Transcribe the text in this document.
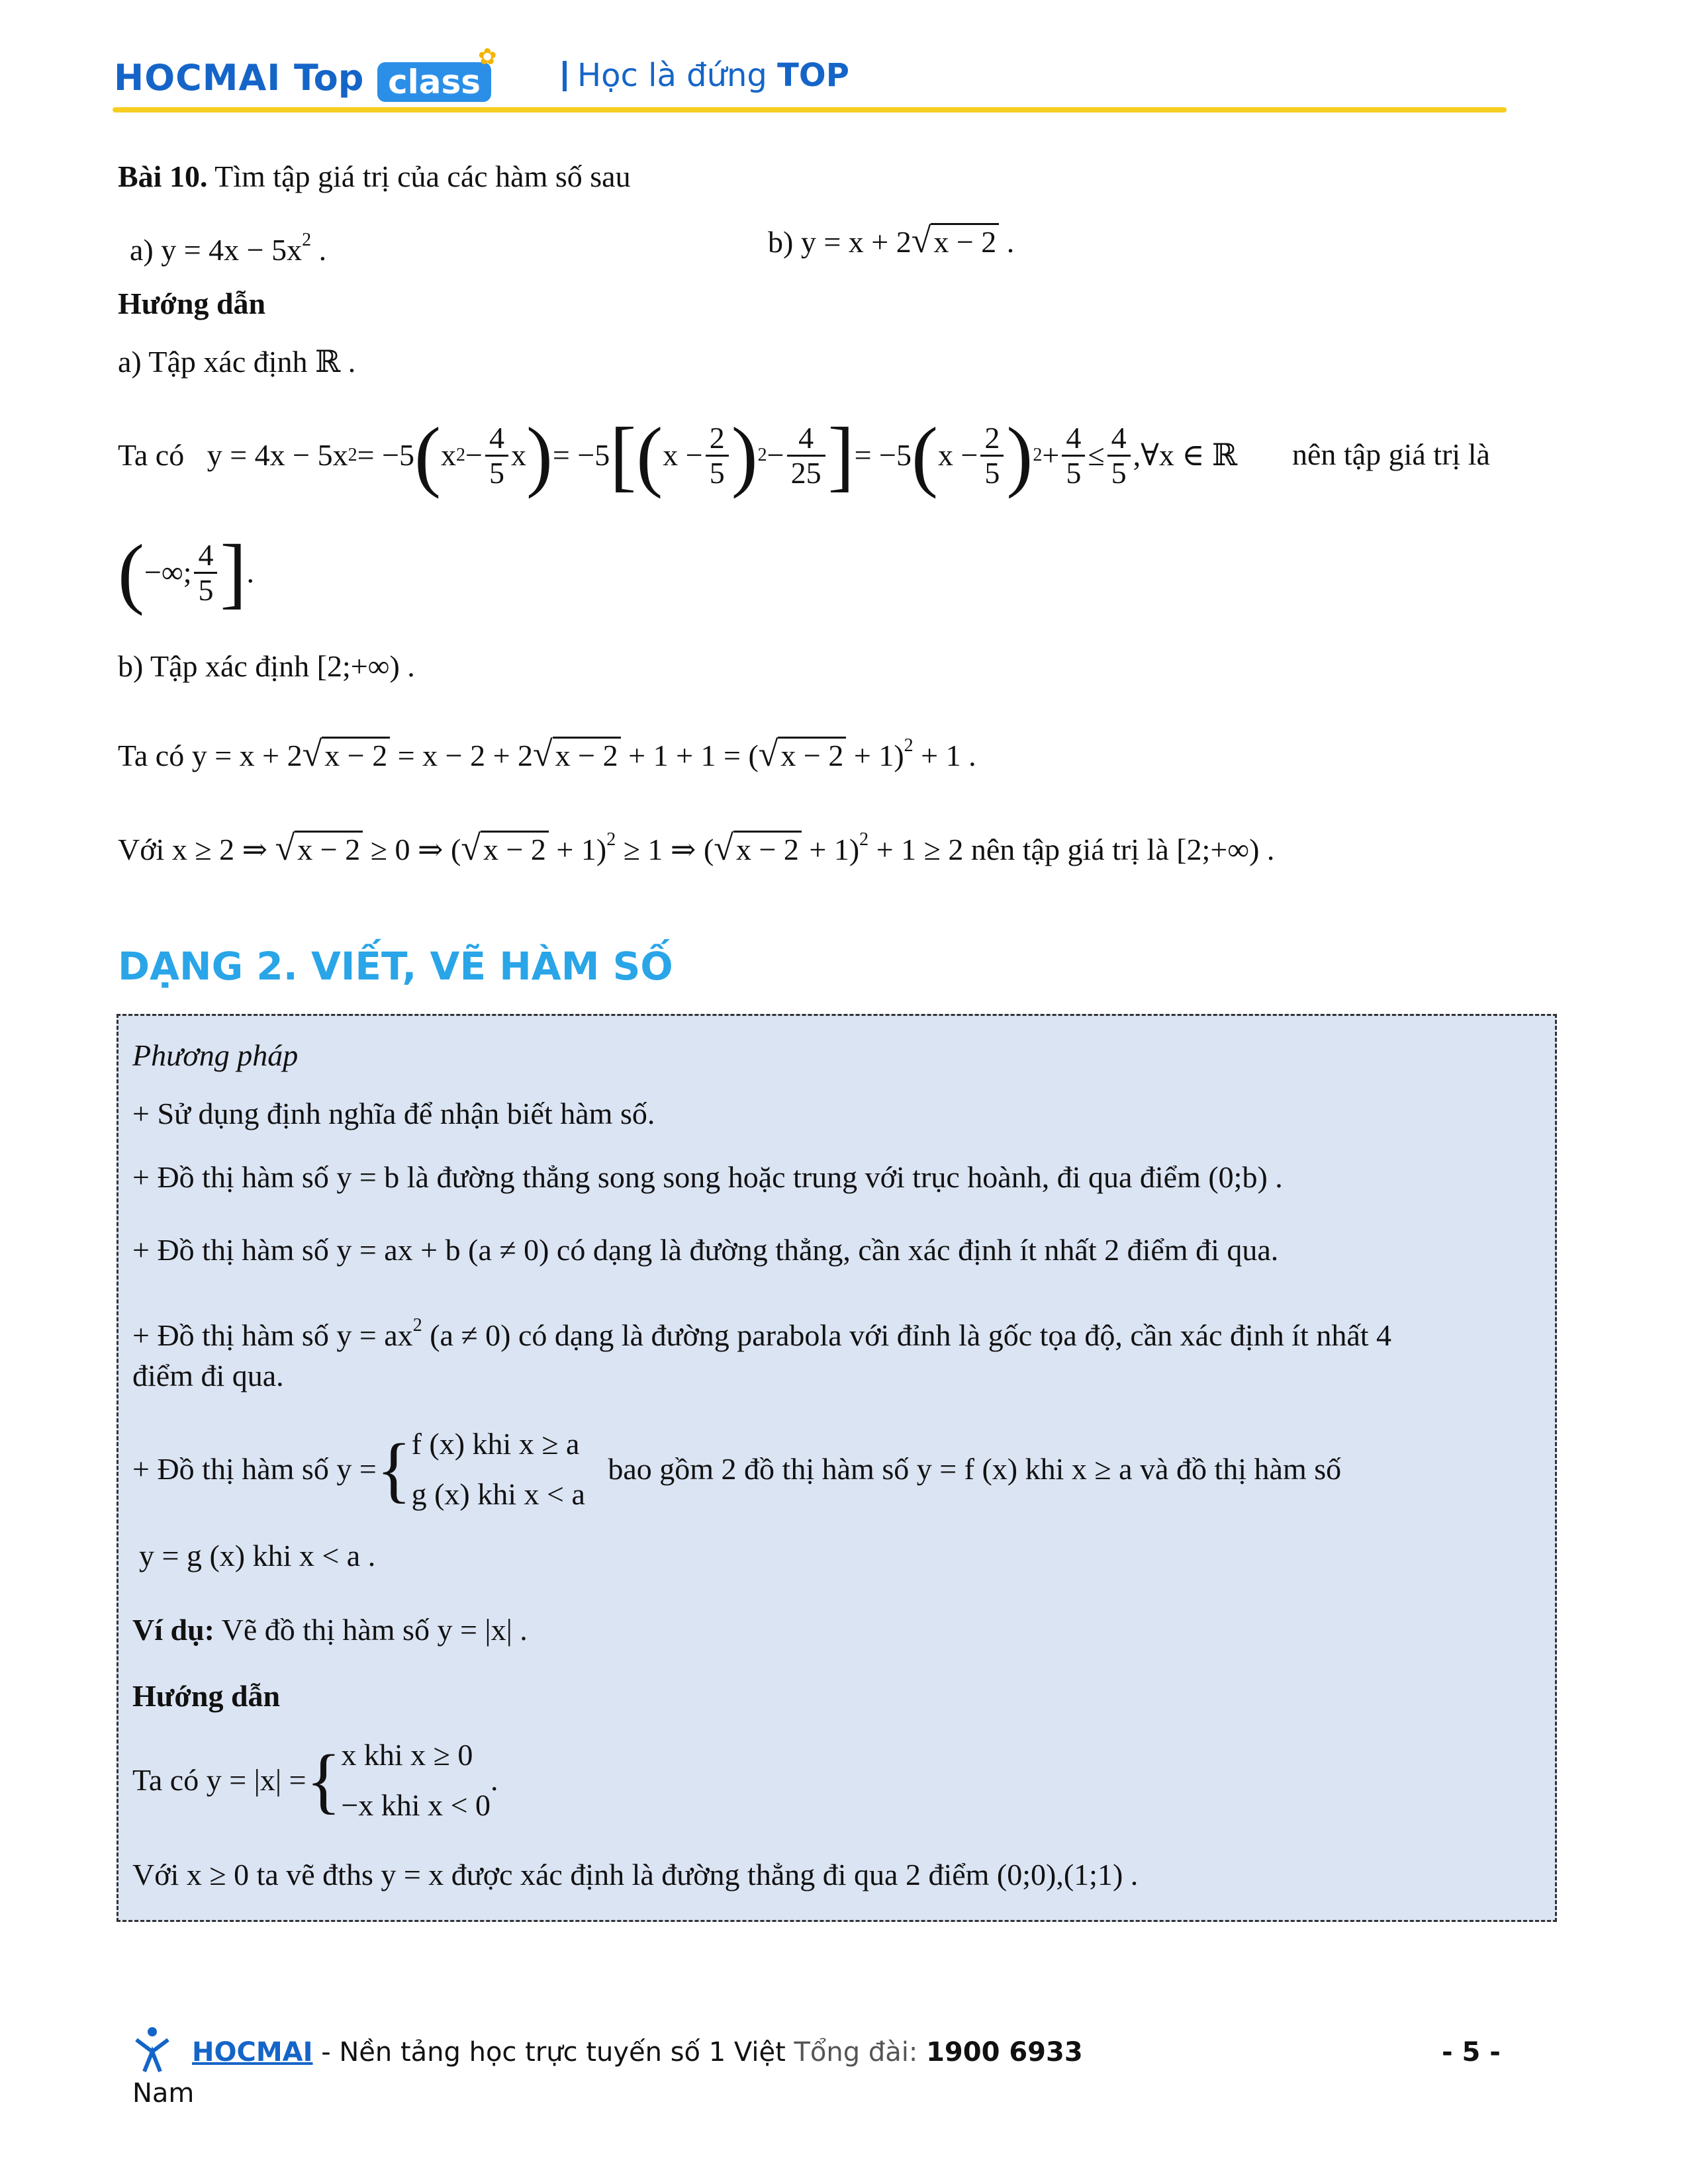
HOCMAI Top class
✿	Học là đứng TOP
Bài 10. Tìm tập giá trị của các hàm số sau
a) $y = 4x - 5x^2$ .	b) y = x + 2√x − 2 .
Hướng dẫn
a) Tập xác định ℝ .
Ta có
y = 4x − 5x 2 = −5 ( x $2 - \frac{4}{5}$ x ) = −5 [ ( $x - \frac{2}{5}$ ) $2 - \frac{4}{25}$ ] = −5 ( $x - \frac{2}{5}$ ) $2 + \frac{4}{5} \le \frac{4}{5}$ ,∀x ∈ ℝ nên tập giá trị là
( −∞; $\frac{4}{5}$ ] .
b) Tập xác định [2;+∞) .
Ta có $y = x + 2√x - 2 = x - 2 + 2√x - 2 + 1 + 1 = (√x - 2 + 1)^2 + 1$ .
Với x ≥ 2 ⇒ √x − 2 ≥ 0 ⇒ $(√x - 2 + 1)^2 \ge 1$ ⇒ $(√x - 2 + 1)^2 + 1 \ge 2$ nên tập giá trị là [2;+∞) .
DẠNG 2. VIẾT, VẼ HÀM SỐ
Phương pháp
+ Sử dụng định nghĩa để nhận biết hàm số.
+ Đồ thị hàm số y = b là đường thẳng song song hoặc trung với trục hoành, đi qua điểm (0;b) .
+ Đồ thị hàm số y = ax + b (a ≠ 0) có dạng là đường thẳng, cần xác định ít nhất 2 điểm đi qua.
+ Đồ thị hàm số $y = ax^2$ (a ≠ 0) có dạng là đường parabola với đỉnh là gốc tọa độ, cần xác định ít nhất 4
điểm đi qua.
+ Đồ thị hàm số y = { f (x) khi x ≥ a
g (x) khi x < a

bao gồm 2 đồ thị hàm số y = f (x) khi x ≥ a và đồ thị hàm số
y = g (x) khi x < a .
Ví dụ: Vẽ đồ thị hàm số y = |x| .
Hướng dẫn
Ta có y = |x| = { x khi x ≥ 0
−x khi x < 0
.
Với x ≥ 0 ta vẽ đths y = x được xác định là đường thẳng đi qua 2 điểm (0;0),(1;1) .
HOCMAI - Nền tảng học trực tuyến số 1 Việt Tổng đài: 1900 6933	- 5 -
Nam
